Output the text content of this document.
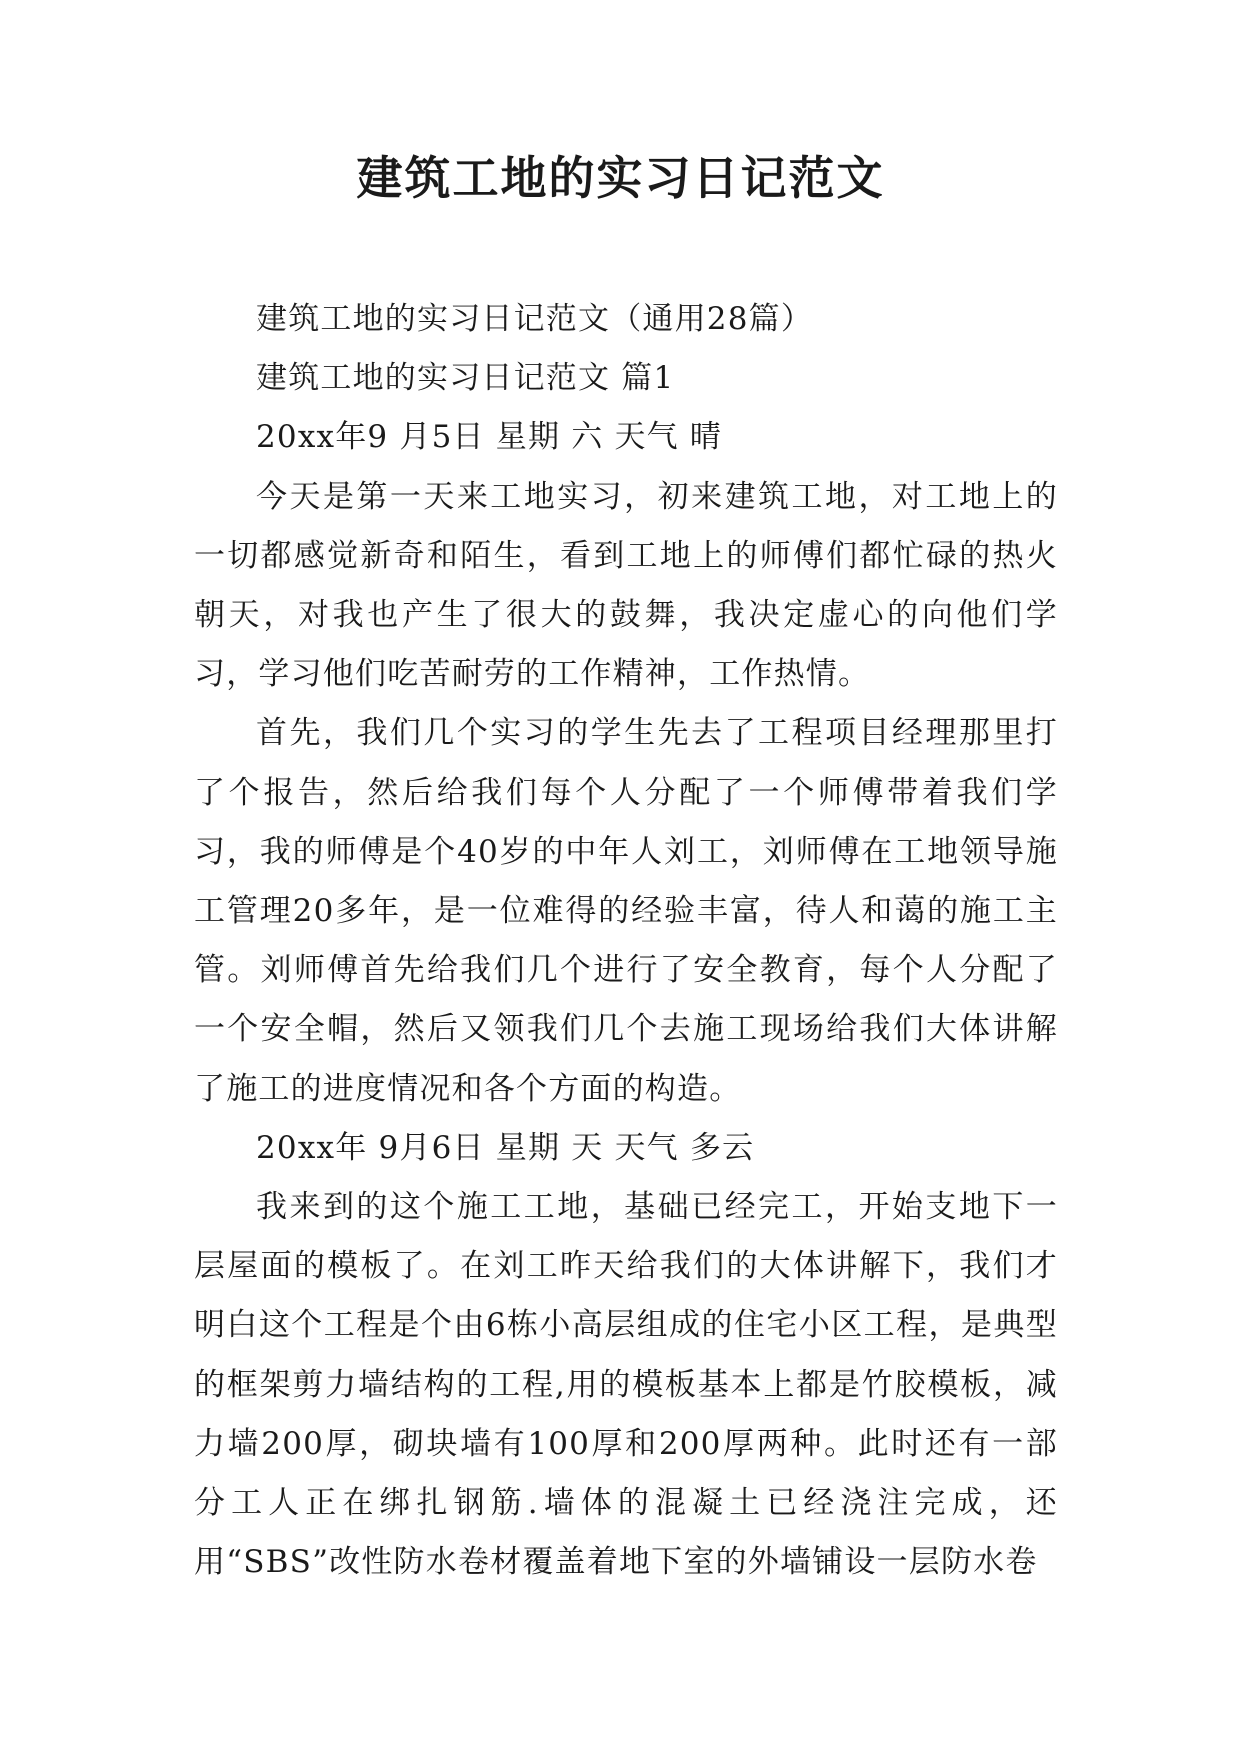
建筑工地的实习日记范文

建筑工地的实习日记范文（通用28篇）

建筑工地的实习日记范文 篇1

20xx年9 月5日 星期 六 天气 晴

今天是第一天来工地实习，初来建筑工地，对工地上的一切都感觉新奇和陌生，看到工地上的师傅们都忙碌的热火朝天，对我也产生了很大的鼓舞，我决定虚心的向他们学习，学习他们吃苦耐劳的工作精神，工作热情。

首先，我们几个实习的学生先去了工程项目经理那里打了个报告，然后给我们每个人分配了一个师傅带着我们学习，我的师傅是个40岁的中年人刘工，刘师傅在工地领导施工管理20多年，是一位难得的经验丰富，待人和蔼的施工主管。刘师傅首先给我们几个进行了安全教育，每个人分配了一个安全帽，然后又领我们几个去施工现场给我们大体讲解了施工的进度情况和各个方面的构造。

20xx年 9月6日 星期 天 天气 多云

我来到的这个施工工地，基础已经完工，开始支地下一层屋面的模板了。在刘工昨天给我们的大体讲解下，我们才明白这个工程是个由6栋小高层组成的住宅小区工程，是典型的框架剪力墙结构的工程,用的模板基本上都是竹胶模板，减力墙200厚，砌块墙有100厚和200厚两种。此时还有一部分工人正在绑扎钢筋.墙体的混凝土已经浇注完成，还用“SBS”改性防水卷材覆盖着地下室的外墙铺设一层防水卷
